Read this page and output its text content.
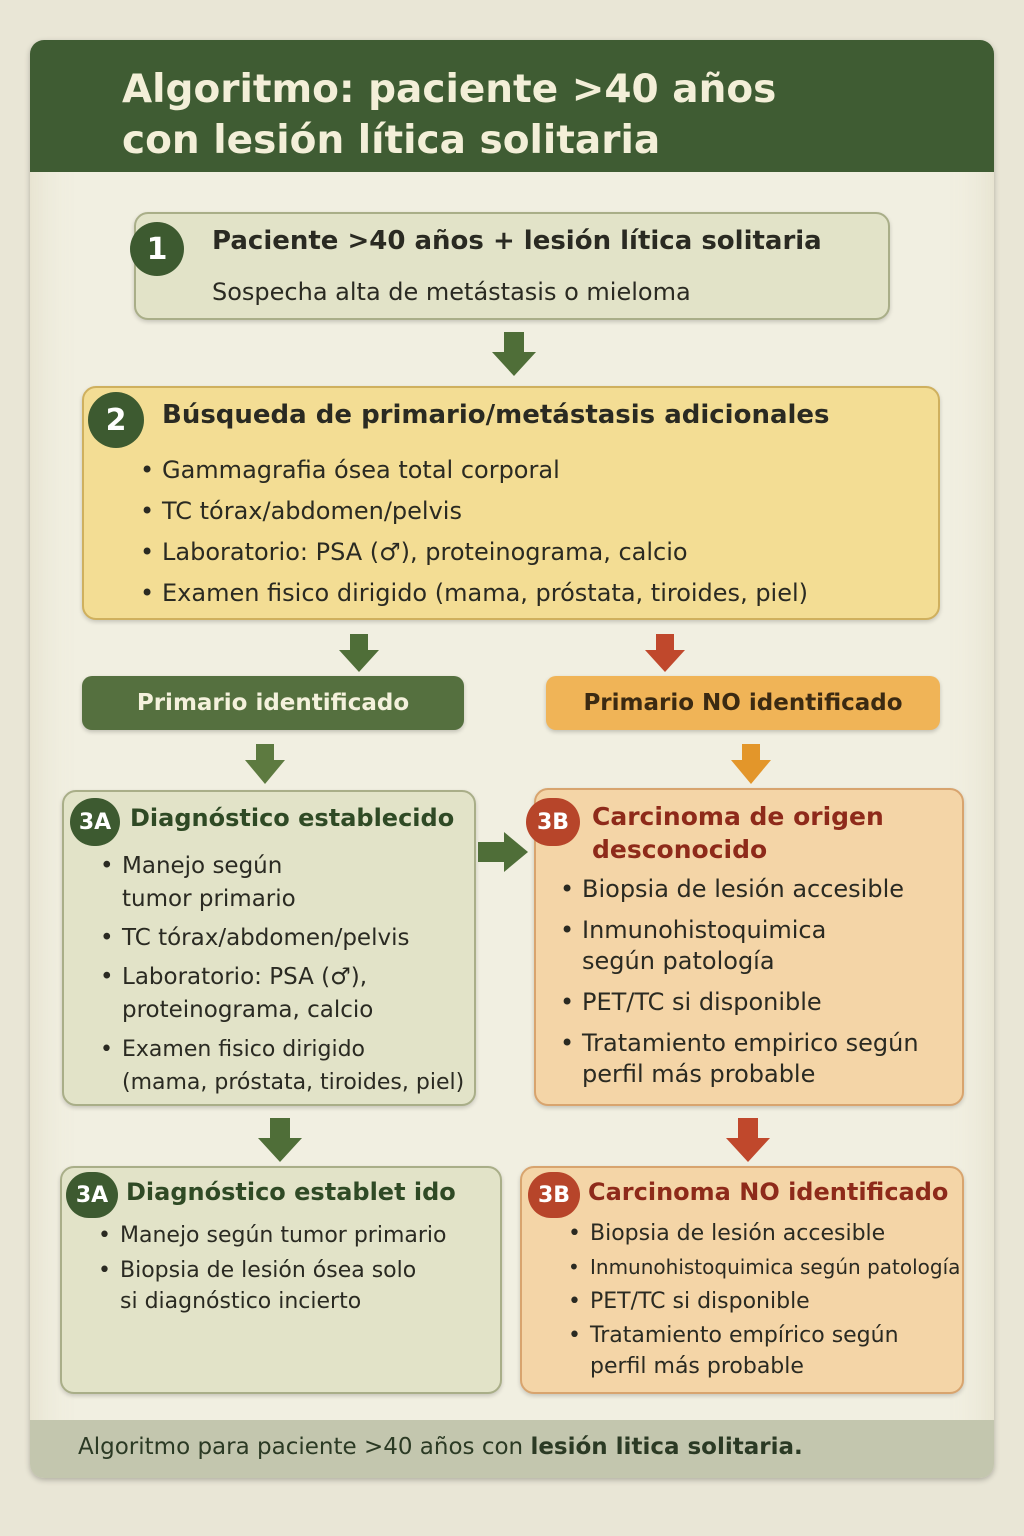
Algoritmo: paciente >40 años
con lesión lítica solitaria
1	Paciente >40 años + lesión lítica solitaria
Sospecha alta de metástasis o mieloma
2	Búsqueda de primario/metástasis adicionales
• Gammagrafia ósea total corporal
• TC tórax/abdomen/pelvis
• Laboratorio: PSA (♂), proteinograma, calcio
• Examen fisico dirigido (mama, próstata, tiroides, piel)
Primario identificado	Primario NO identificado
3A Diagnóstico establecido
• Manejo según
tumor primario
• TC tórax/abdomen/pelvis
• Laboratorio: PSA (♂),
proteinograma, calcio
• Examen fisico dirigido
(mama, próstata, tiroides, piel)
3B Carcinoma de origen
desconocido
• Biopsia de lesión accesible
• Inmunohistoquimica
según patología
• PET/TC si disponible
• Tratamiento empirico según
perfil más probable
3A Diagnóstico establet ido
• Manejo según tumor primario
• Biopsia de lesión ósea solo
si diagnóstico incierto
3B Carcinoma NO identificado
• Biopsia de lesión accesible
• Inmunohistoquimica según patología
• PET/TC si disponible
• Tratamiento empírico según
perfil más probable

Algoritmo para paciente >40 años con lesión litica solitaria.
